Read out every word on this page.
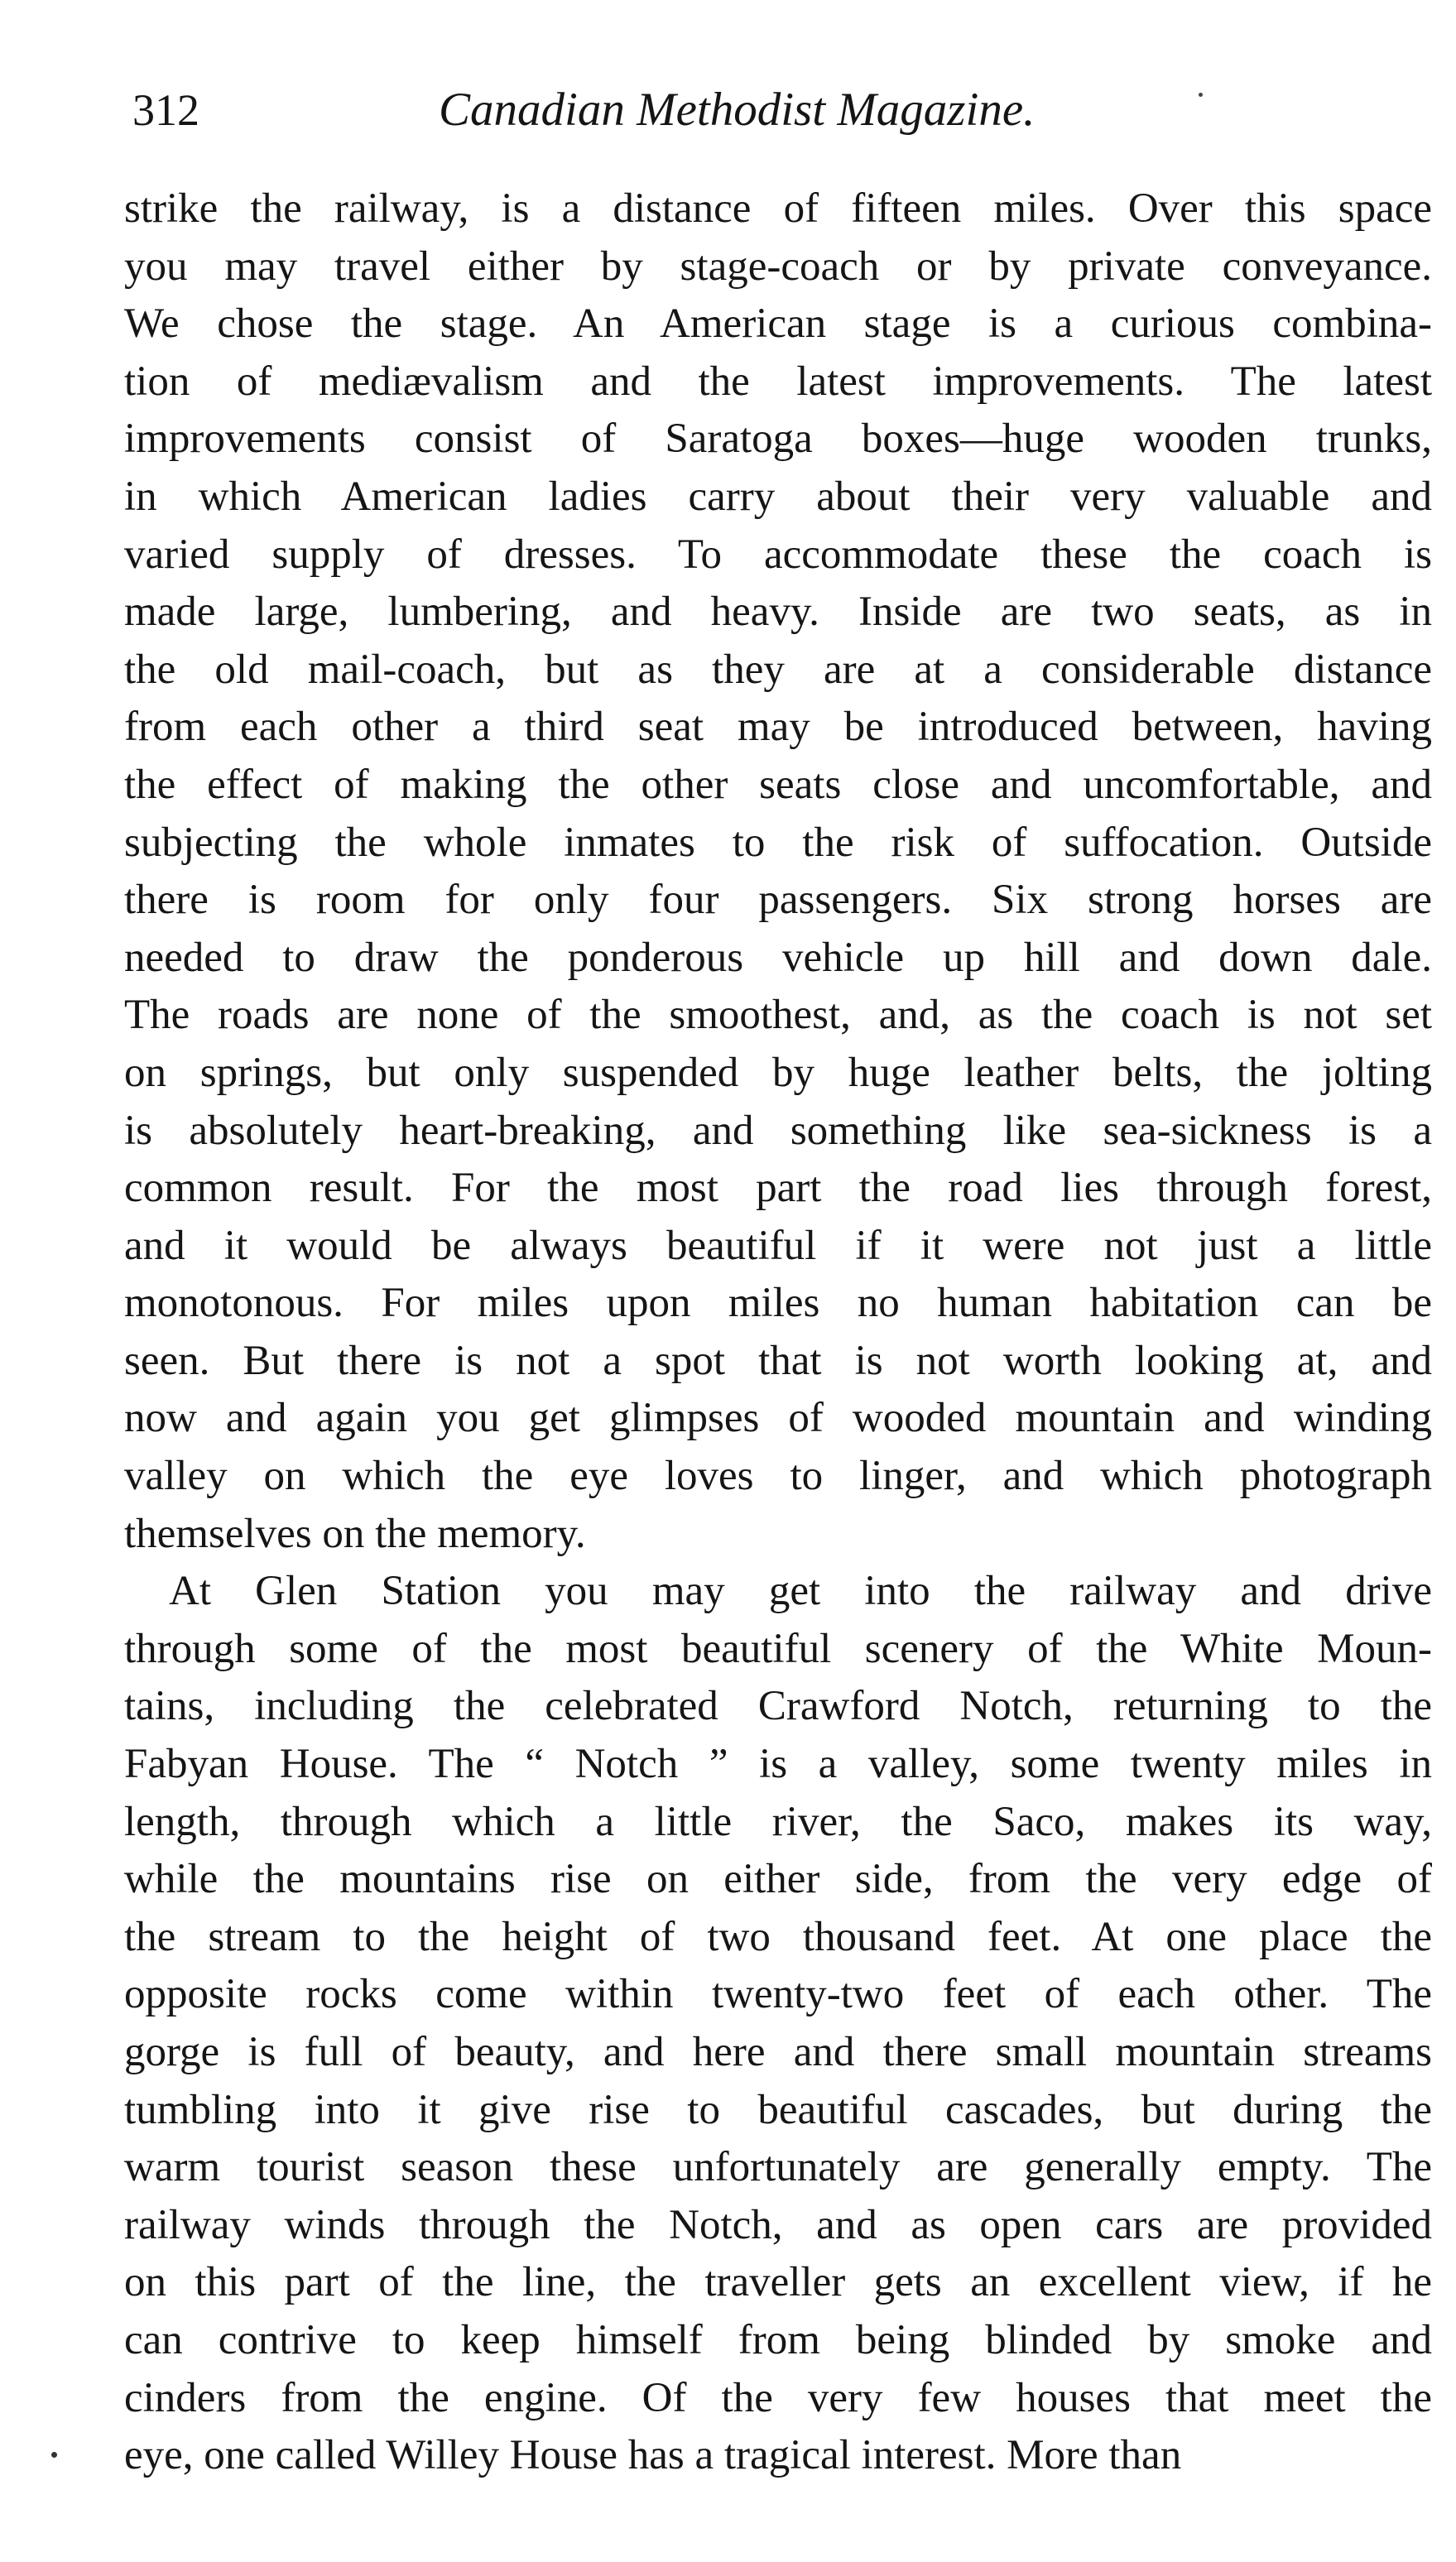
312	Canadian Methodist Magazine.
strike the railway, is a distance of fifteen miles. Over this space
you may travel either by stage-coach or by private conveyance.
We chose the stage. An American stage is a curious combina-
tion of mediævalism and the latest improvements. The latest
improvements consist of Saratoga boxes—huge wooden trunks,
in which American ladies carry about their very valuable and
varied supply of dresses. To accommodate these the coach is
made large, lumbering, and heavy. Inside are two seats, as in
the old mail-coach, but as they are at a considerable distance
from each other a third seat may be introduced between, having
the effect of making the other seats close and uncomfortable, and
subjecting the whole inmates to the risk of suffocation. Outside
there is room for only four passengers. Six strong horses are
needed to draw the ponderous vehicle up hill and down dale.
The roads are none of the smoothest, and, as the coach is not set
on springs, but only suspended by huge leather belts, the jolting
is absolutely heart-breaking, and something like sea-sickness is a
common result. For the most part the road lies through forest,
and it would be always beautiful if it were not just a little
monotonous. For miles upon miles no human habitation can be
seen. But there is not a spot that is not worth looking at, and
now and again you get glimpses of wooded mountain and winding
valley on which the eye loves to linger, and which photograph
themselves on the memory.
At Glen Station you may get into the railway and drive
through some of the most beautiful scenery of the White Moun-
tains, including the celebrated Crawford Notch, returning to the
Fabyan House. The “ Notch ” is a valley, some twenty miles in
length, through which a little river, the Saco, makes its way,
while the mountains rise on either side, from the very edge of
the stream to the height of two thousand feet. At one place the
opposite rocks come within twenty-two feet of each other. The
gorge is full of beauty, and here and there small mountain streams
tumbling into it give rise to beautiful cascades, but during the
warm tourist season these unfortunately are generally empty. The
railway winds through the Notch, and as open cars are provided
on this part of the line, the traveller gets an excellent view, if he
can contrive to keep himself from being blinded by smoke and
cinders from the engine. Of the very few houses that meet the
eye, one called Willey House has a tragical interest. More than
